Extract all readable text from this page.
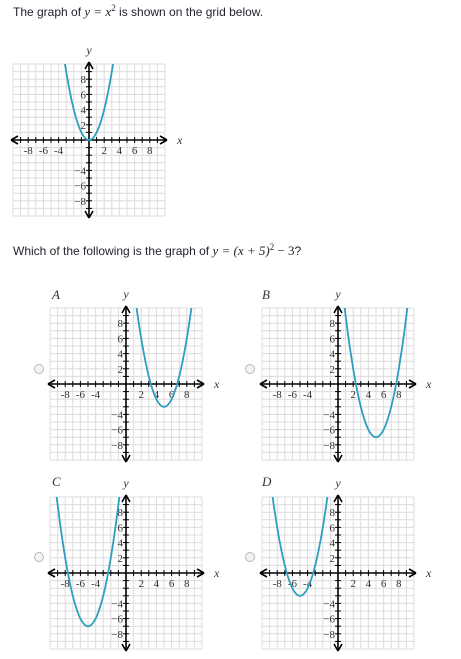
The graph of $y = x^2$ is shown on the grid below.
-8 -6 -4	2 4 6 8
−8
−6
−4
2
4
6
8
x
y
Which of the following is the graph of $y = (x + 5)^2 - 3$?
A
-8 -6 -4	2 4 6 8
−8
−6
−4
2
4
6
8
x
y	B
-8 -6 -4	2 4 6 8
−8
−6
−4
2
4
6
8
x
y
C
-8 -6 -4	2 4 6 8
−8
−6
−4
2
4
6
8
x
y	D
-8 -6 -4	2 4 6 8
−8
−6
−4
2
4
6
8
x
y
